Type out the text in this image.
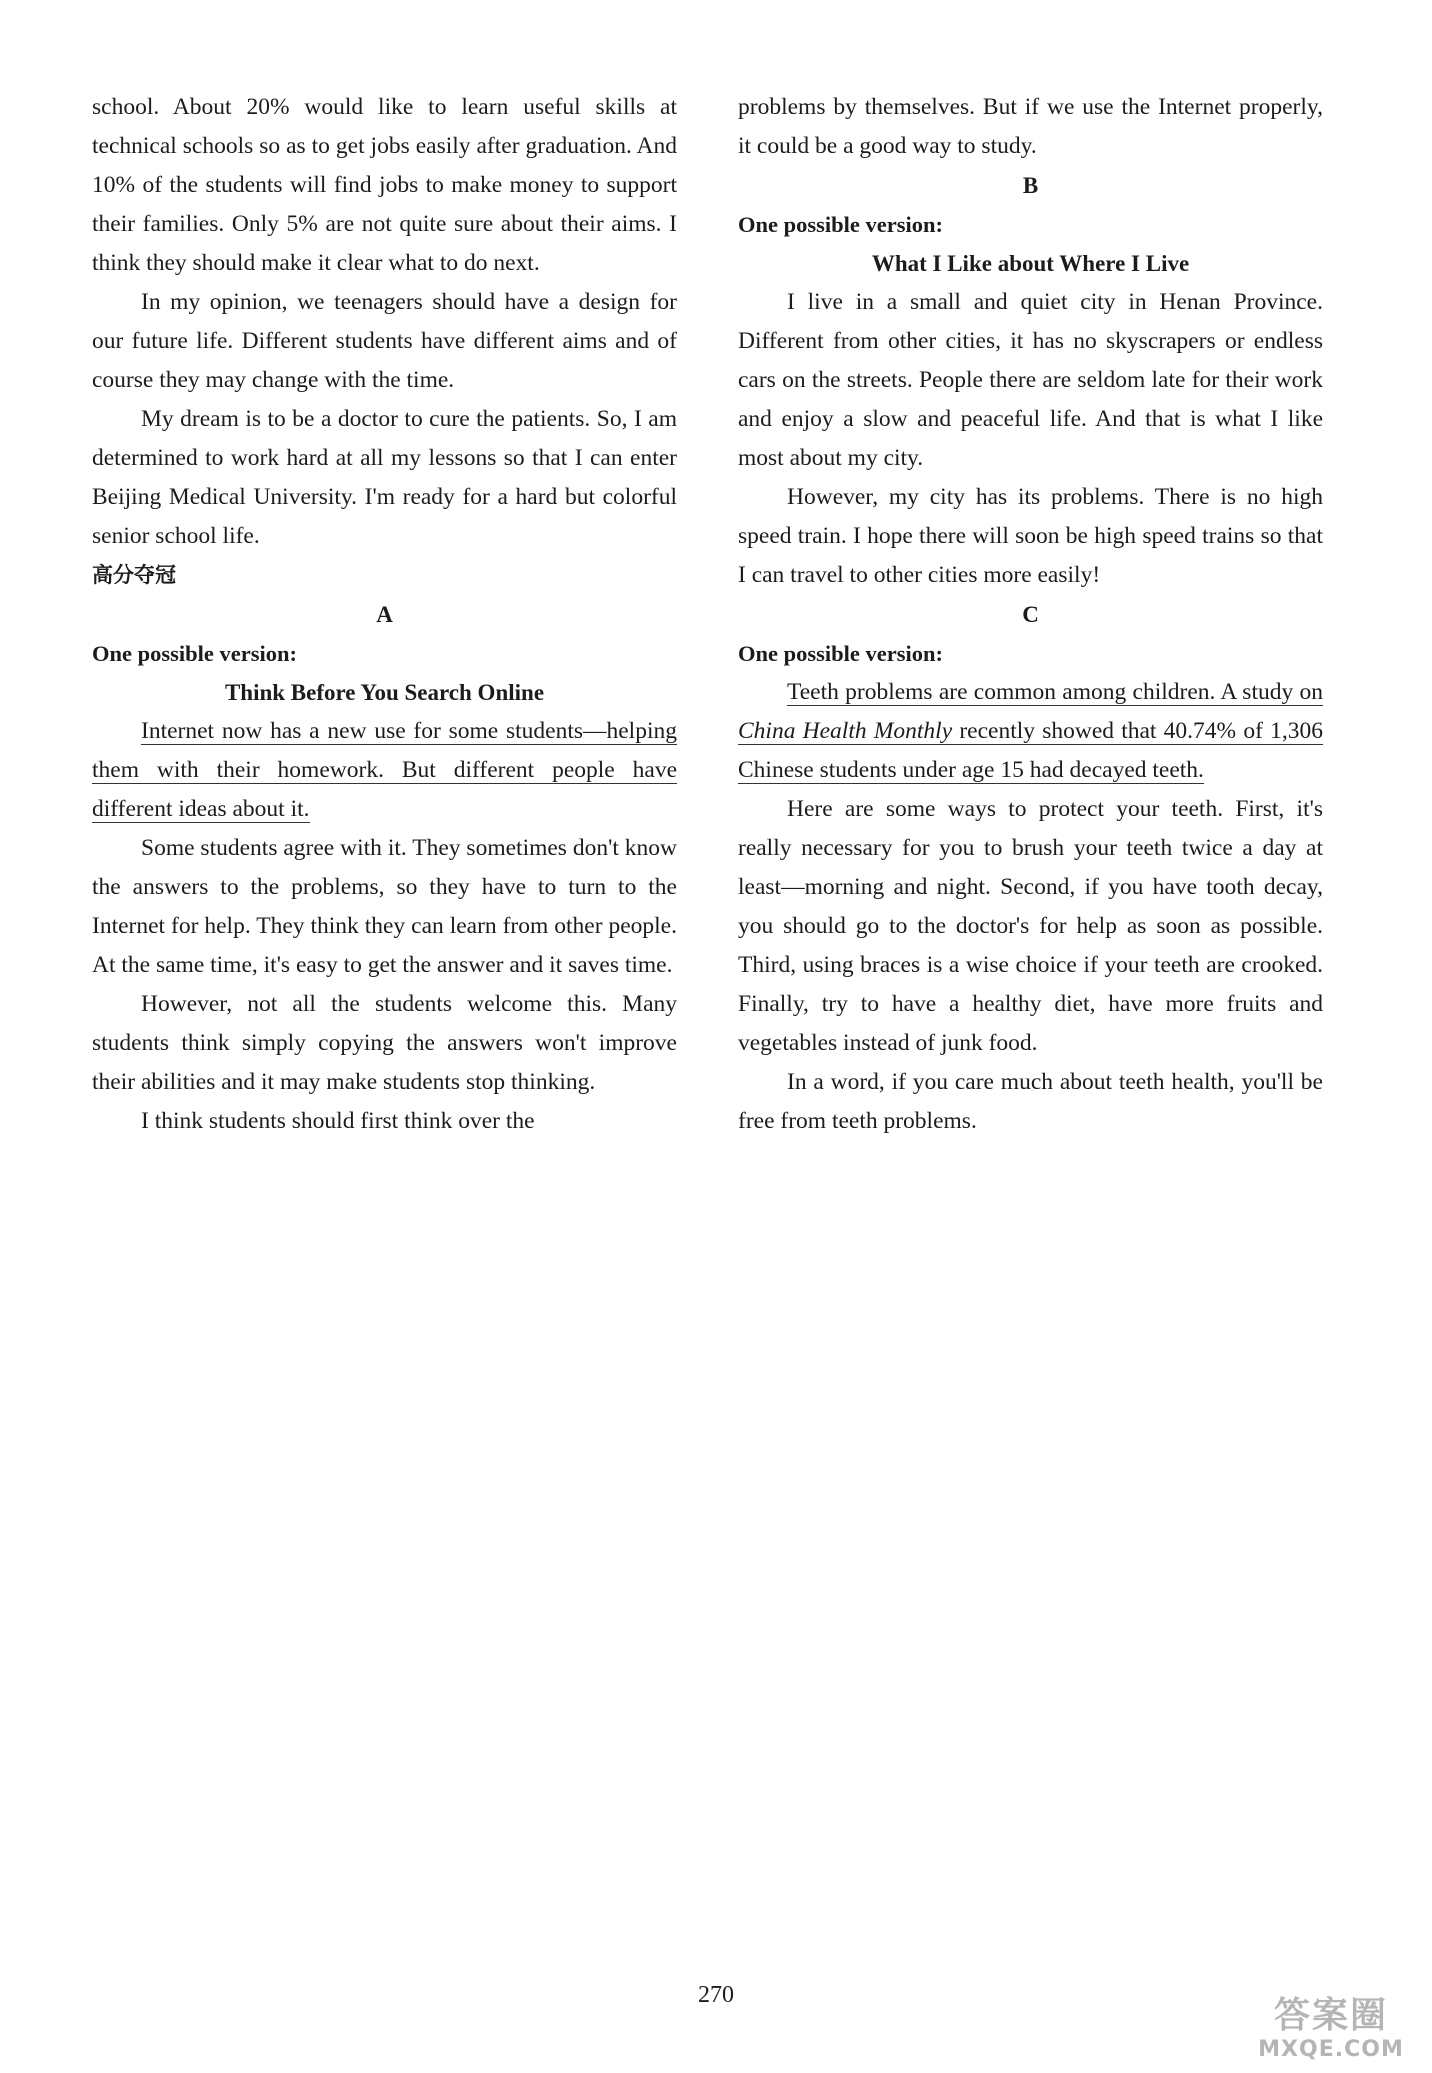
school. About 20% would like to learn useful skills at technical schools so as to get jobs easily after graduation. And 10% of the students will find jobs to make money to support their families. Only 5% are not quite sure about their aims. I think they should make it clear what to do next.

In my opinion, we teenagers should have a design for our future life. Different students have different aims and of course they may change with the time.

My dream is to be a doctor to cure the patients. So, I am determined to work hard at all my lessons so that I can enter Beijing Medical University. I'm ready for a hard but colorful senior school life.

高分夺冠
A
One possible version:
Think Before You Search Online

Internet now has a new use for some students—helping them with their homework. But different people have different ideas about it.

Some students agree with it. They sometimes don't know the answers to the problems, so they have to turn to the Internet for help. They think they can learn from other people. At the same time, it's easy to get the answer and it saves time.

However, not all the students welcome this. Many students think simply copying the answers won't improve their abilities and it may make students stop thinking.

I think students should first think over the

problems by themselves. But if we use the Internet properly, it could be a good way to study.

B
One possible version:
What I Like about Where I Live

I live in a small and quiet city in Henan Province. Different from other cities, it has no skyscrapers or endless cars on the streets. People there are seldom late for their work and enjoy a slow and peaceful life. And that is what I like most about my city.

However, my city has its problems. There is no high speed train. I hope there will soon be high speed trains so that I can travel to other cities more easily!

C
One possible version:

Teeth problems are common among children. A study on China Health Monthly recently showed that 40.74% of 1,306 Chinese students under age 15 had decayed teeth.

Here are some ways to protect your teeth. First, it's really necessary for you to brush your teeth twice a day at least—morning and night. Second, if you have tooth decay, you should go to the doctor's for help as soon as possible. Third, using braces is a wise choice if your teeth are crooked. Finally, try to have a healthy diet, have more fruits and vegetables instead of junk food.

In a word, if you care much about teeth health, you'll be free from teeth problems.

270	答案圈
MXQE.COM
